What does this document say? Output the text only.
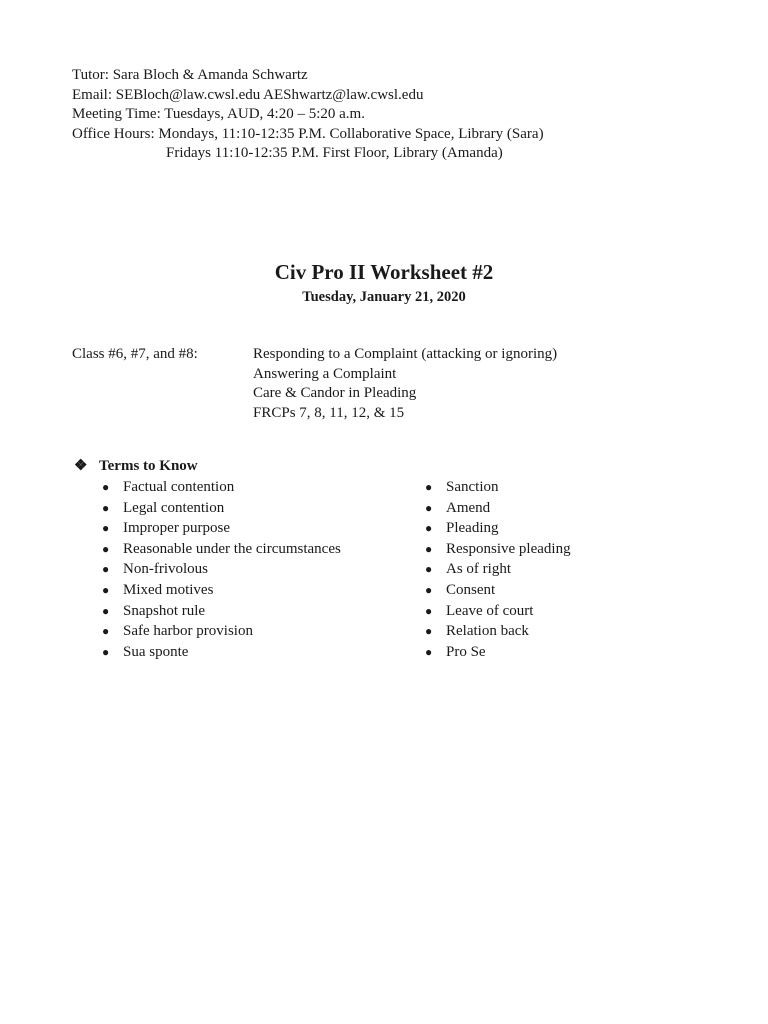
Tutor: Sara Bloch & Amanda Schwartz
Email: SEBloch@law.cwsl.edu AEShwartz@law.cwsl.edu
Meeting Time: Tuesdays, AUD, 4:20 – 5:20 a.m.
Office Hours: Mondays, 11:10-12:35 P.M. Collaborative Space, Library (Sara)
Fridays 11:10-12:35 P.M. First Floor, Library (Amanda)
Civ Pro II Worksheet #2
Tuesday, January 21, 2020
Class #6, #7, and #8:	Responding to a Complaint (attacking or ignoring)
Answering a Complaint
Care & Candor in Pleading
FRCPs 7, 8, 11, 12, & 15
❖ Terms to Know
● Factual contention
● Legal contention
● Improper purpose
● Reasonable under the circumstances
● Non-frivolous
● Mixed motives
● Snapshot rule
● Safe harbor provision
● Sua sponte
● Sanction
● Amend
● Pleading
● Responsive pleading
● As of right
● Consent
● Leave of court
● Relation back
● Pro Se
